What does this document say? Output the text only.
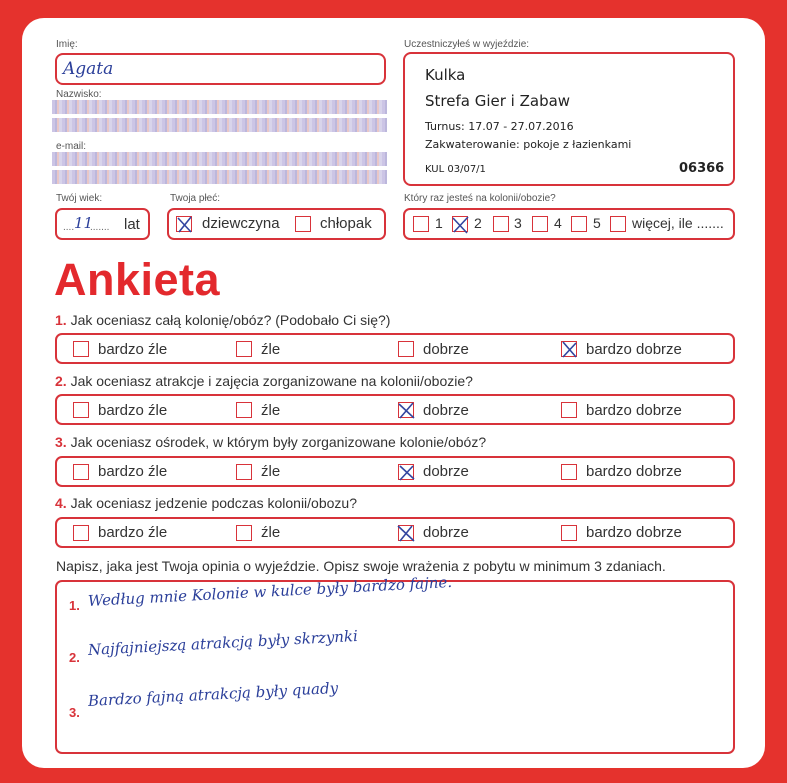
Imię:
Agata
Nazwisko:
e-mail:
Uczestniczyłeś w wyjeździe:
Kulka
Strefa Gier i Zabaw
Turnus: 17.07 - 27.07.2016
Zakwaterowanie: pokoje z łazienkami
KUL 03/07/1	06366
Twój wiek:
.... 11
....... lat
Twoja płeć:
dziewczyna	chłopak
Który raz jesteś na kolonii/obozie?
1 2 3 4 5 więcej, ile .......
Ankieta
1. Jak oceniasz całą kolonię/obóz? (Podobało Ci się?)
bardzo źle	źle	dobrze	bardzo dobrze
2. Jak oceniasz atrakcje i zajęcia zorganizowane na kolonii/obozie?
bardzo źle	źle	dobrze	bardzo dobrze
3. Jak oceniasz ośrodek, w którym były zorganizowane kolonie/obóz?
bardzo źle	źle	dobrze	bardzo dobrze
4. Jak oceniasz jedzenie podczas kolonii/obozu?
bardzo źle	źle	dobrze	bardzo dobrze
Napisz, jaka jest Twoja opinia o wyjeździe. Opisz swoje wrażenia z pobytu w minimum 3 zdaniach.
1. Według mnie Kolonie w kulce były bardzo fajne.
2. Najfajniejszą atrakcją były skrzynki
3.
Bardzo fajną atrakcją były quady
